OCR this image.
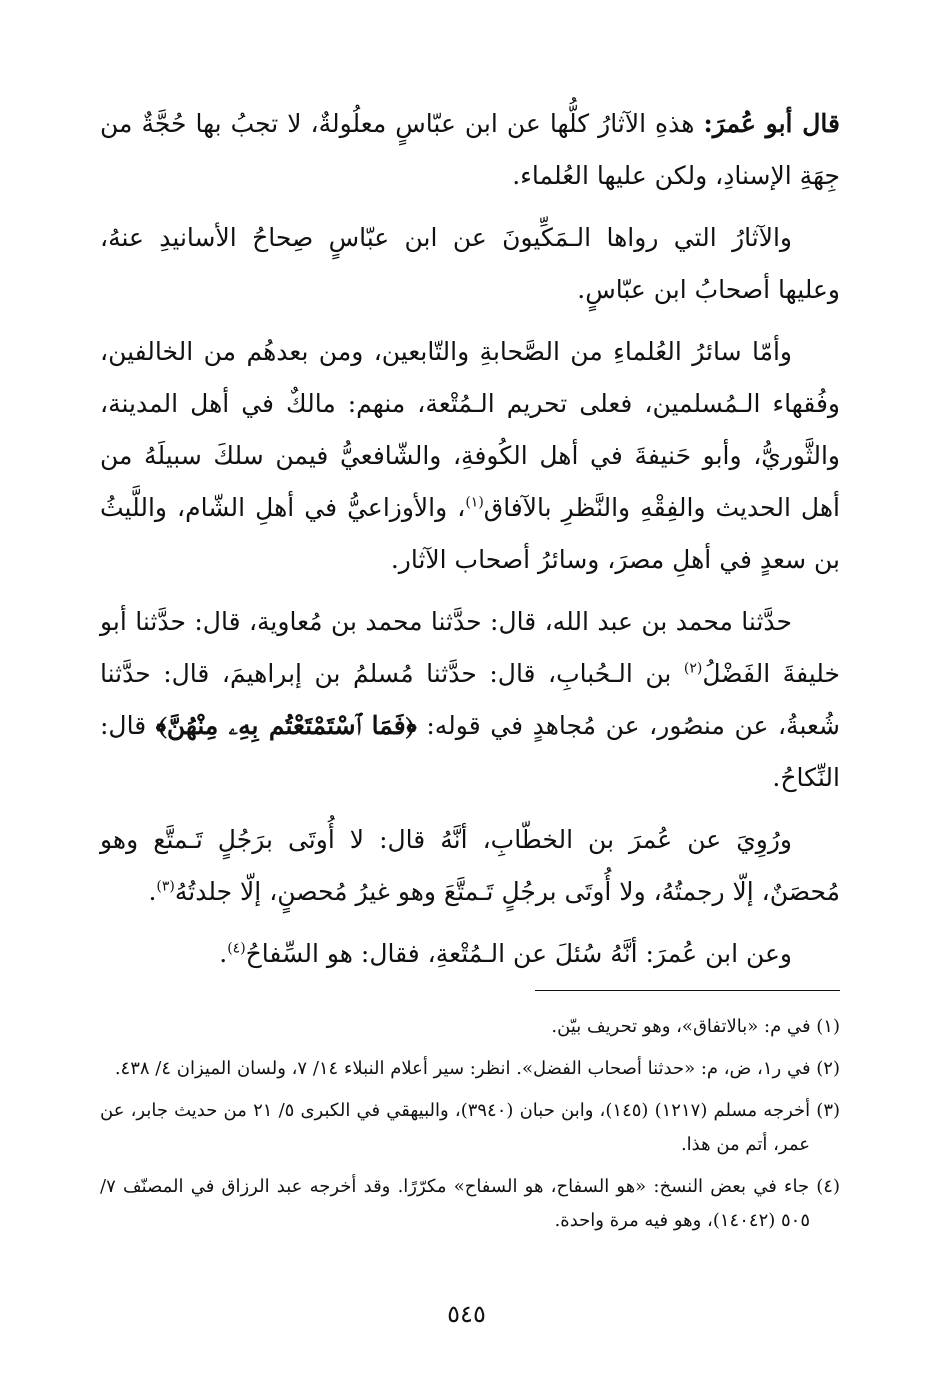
قال أبو عُمرَ: هذهِ الآثارُ كلُّها عن ابن عبّاسٍ معلُولةٌ، لا تجبُ بها حُجَّةٌ من جِهَةِ الإسنادِ، ولكن عليها العُلماء.

والآثارُ التي رواها الـمَكِّيونَ عن ابن عبّاسٍ صِحاحُ الأسانيدِ عنهُ، وعليها أصحابُ ابن عبّاسٍ.

وأمّا سائرُ العُلماءِ من الصَّحابةِ والتّابعين، ومن بعدهُم من الخالفين، وفُقهاء الـمُسلمين، فعلى تحريم الـمُتْعة، منهم: مالكٌ في أهل المدينة، والثَّوريُّ، وأبو حَنيفةَ في أهل الكُوفةِ، والشّافعيُّ فيمن سلكَ سبيلَهُ من أهل الحديث والفِقْهِ والنَّظرِ بالآفاق$^{(١)}$، والأوزاعيُّ في أهلِ الشّام، واللَّيثُ بن سعدٍ في أهلِ مصرَ، وسائرُ أصحاب الآثار.

حدَّثنا محمد بن عبد الله، قال: حدَّثنا محمد بن مُعاوية، قال: حدَّثنا أبو خليفةَ الفَضْلُ$^{(٢)}$ بن الـحُبابِ، قال: حدَّثنا مُسلمُ بن إبراهيمَ، قال: حدَّثنا شُعبةُ، عن منصُور، عن مُجاهدٍ في قوله: ﴿فَمَا ٱسْتَمْتَعْتُم بِهِۦ مِنْهُنَّ﴾ قال: النِّكاحُ.

ورُوِيَ عن عُمرَ بن الخطّابِ، أنَّهُ قال: لا أُوتَى برَجُلٍ تَـمتَّع وهو مُحصَنٌ، إلّا رجمتُهُ، ولا أُوتَى برجُلٍ تَـمتَّعَ وهو غيرُ مُحصنٍ، إلّا جلدتُهُ$^{(٣)}$.

وعن ابن عُمرَ: أنَّهُ سُئلَ عن الـمُتْعةِ، فقال: هو السِّفاحُ$^{(٤)}$.

(١) في م: «بالاتفاق»، وهو تحريف بيّن.

(٢) في ر١، ض، م: «حدثنا أصحاب الفضل». انظر: سير أعلام النبلاء ١٤/ ٧، ولسان الميزان ٤/ ٤٣٨.

(٣) أخرجه مسلم (١٢١٧) (١٤٥)، وابن حبان (٣٩٤٠)، والبيهقي في الكبرى ٥/ ٢١ من حديث جابر، عن عمر، أتم من هذا.

(٤) جاء في بعض النسخ: «هو السفاح، هو السفاح» مكرّرًا. وقد أخرجه عبد الرزاق في المصنّف ٧/ ٥٠٥ (١٤٠٤٢)، وهو فيه مرة واحدة.

٥٤٥
